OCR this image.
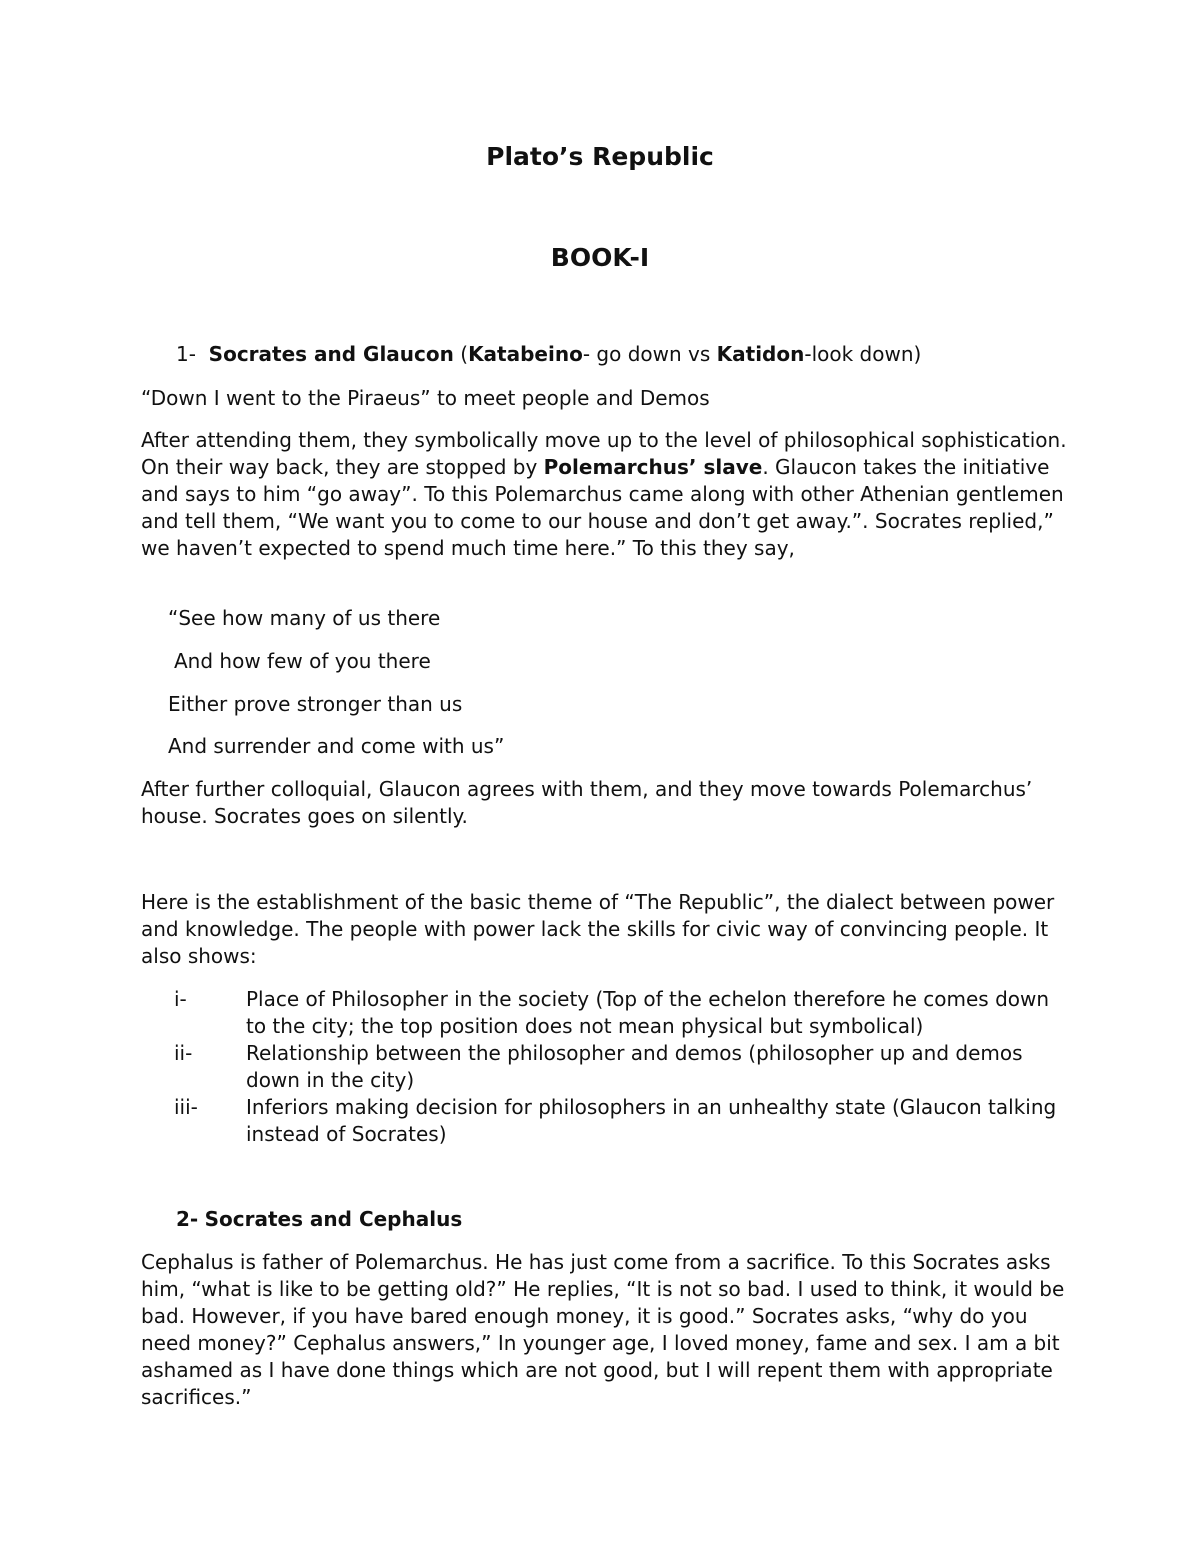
Plato’s Republic
BOOK-I
1- Socrates and Glaucon (Katabeino- go down vs Katidon-look down)
“Down I went to the Piraeus” to meet people and Demos

After attending them, they symbolically move up to the level of philosophical sophistication. On their way back, they are stopped by Polemarchus’ slave. Glaucon takes the initiative and says to him “go away”. To this Polemarchus came along with other Athenian gentlemen and tell them, “We want you to come to our house and don’t get away.”. Socrates replied,” we haven’t expected to spend much time here.” To this they say,

“See how many of us there
And how few of you there
Either prove stronger than us
And surrender and come with us”

After further colloquial, Glaucon agrees with them, and they move towards Polemarchus’ house. Socrates goes on silently.

Here is the establishment of the basic theme of “The Republic”, the dialect between power and knowledge. The people with power lack the skills for civic way of convincing people. It also shows:

i-	Place of Philosopher in the society (Top of the echelon therefore he comes down to the city; the top position does not mean physical but symbolical)
ii-	Relationship between the philosopher and demos (philosopher up and demos down in the city)
iii- Inferiors making decision for philosophers in an unhealthy state (Glaucon talking instead of Socrates)
2- Socrates and Cephalus

Cephalus is father of Polemarchus. He has just come from a sacrifice. To this Socrates asks him, “what is like to be getting old?” He replies, “It is not so bad. I used to think, it would be bad. However, if you have bared enough money, it is good.” Socrates asks, “why do you need money?” Cephalus answers,” In younger age, I loved money, fame and sex. I am a bit ashamed as I have done things which are not good, but I will repent them with appropriate sacrifices.”
